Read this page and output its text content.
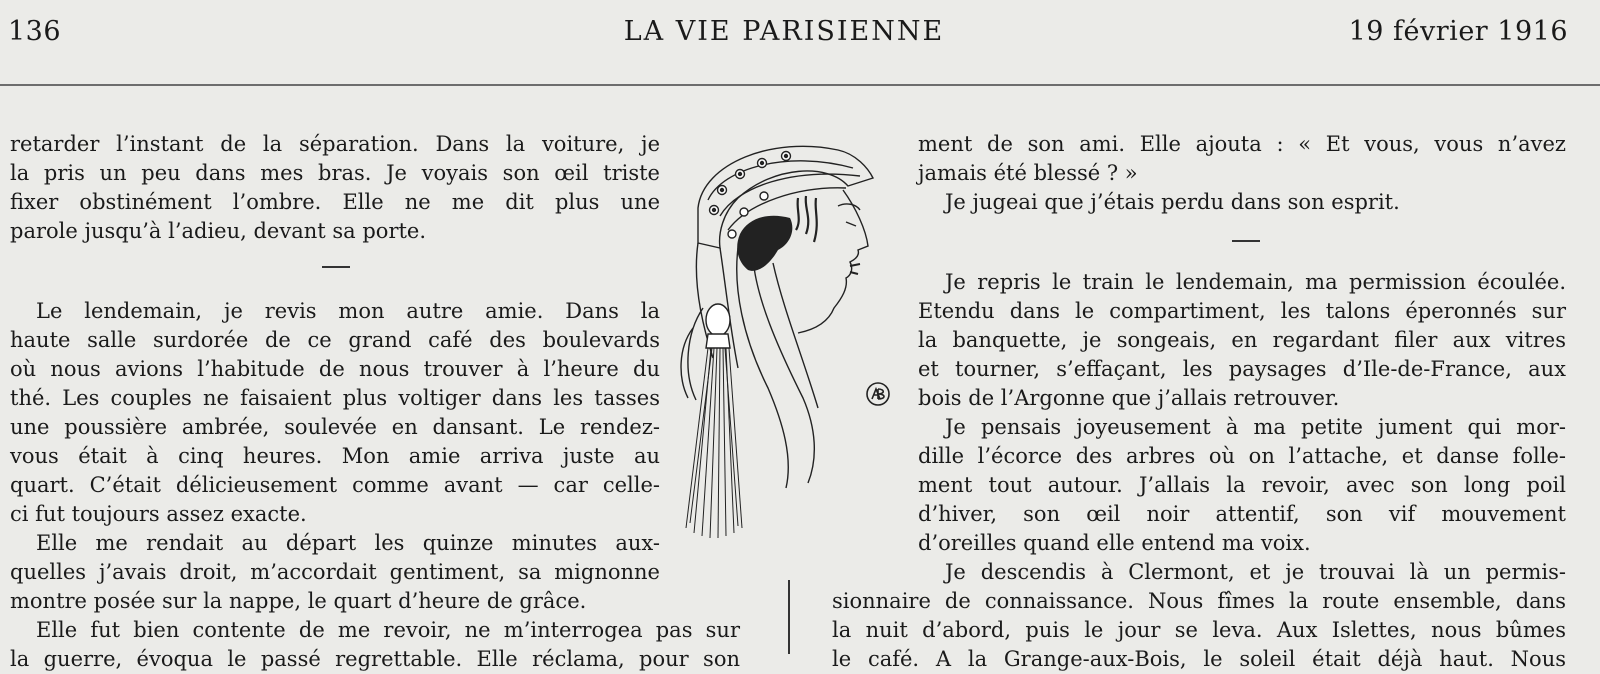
136	LA VIE PARISIENNE	19 février 1916
retarder l’instant de la séparation. Dans la voiture, je
la pris un peu dans mes bras. Je voyais son œil triste
fixer obstinément l’ombre. Elle ne me dit plus une
parole jusqu’à l’adieu, devant sa porte.
Le lendemain, je revis mon autre amie. Dans la
haute salle surdorée de ce grand café des boulevards
où nous avions l’habitude de nous trouver à l’heure du
thé. Les couples ne faisaient plus voltiger dans les tasses
une poussière ambrée, soulevée en dansant. Le rendez-
vous était à cinq heures. Mon amie arriva juste au
quart. C’était délicieusement comme avant — car celle-
ci fut toujours assez exacte.
Elle me rendait au départ les quinze minutes aux-
quelles j’avais droit, m’accordait gentiment, sa mignonne
montre posée sur la nappe, le quart d’heure de grâce.
Elle fut bien contente de me revoir, ne m’interrogea pas sur
la guerre, évoqua le passé regrettable. Elle réclama, pour son
ment de son ami. Elle ajouta : « Et vous, vous n’avez
jamais été blessé ? »
Je jugeai que j’étais perdu dans son esprit.
Je repris le train le lendemain, ma permission écoulée.
Etendu dans le compartiment, les talons éperonnés sur
la banquette, je songeais, en regardant filer aux vitres
et tourner, s’effaçant, les paysages d’Ile-de-France, aux
bois de l’Argonne que j’allais retrouver.
Je pensais joyeusement à ma petite jument qui mor-
dille l’écorce des arbres où on l’attache, et danse folle-
ment tout autour. J’allais la revoir, avec son long poil
d’hiver, son œil noir attentif, son vif mouvement
d’oreilles quand elle entend ma voix.
Je descendis à Clermont, et je trouvai là un permis-
sionnaire de connaissance. Nous fîmes la route ensemble, dans
la nuit d’abord, puis le jour se leva. Aux Islettes, nous bûmes
le café. A la Grange-aux-Bois, le soleil était déjà haut. Nous
